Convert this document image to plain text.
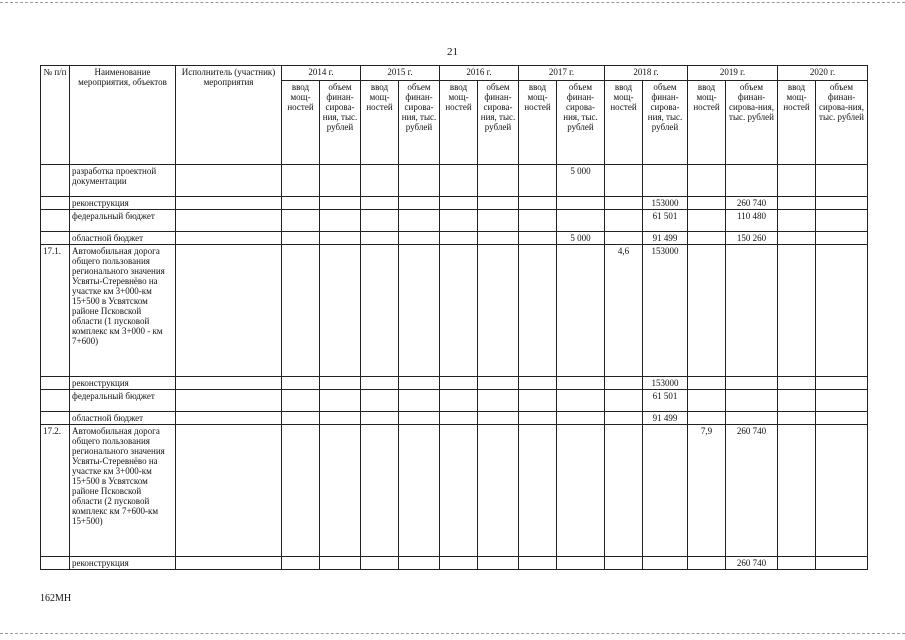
21
№ п/п	Наименование мероприятия, объектов	Исполнитель (участник) мероприятия	2014 г.		2015 г.		2016 г.		2017 г.		2018 г.		2019 г.		2020 г.	
			ввод мощ-ностей	объем финан-сирова-ния, тыс. рублей	ввод мощ-ностей	объем финан-сирова-ния, тыс. рублей	ввод мощ-ностей	объем финан-сирова-ния, тыс. рублей	ввод мощ-ностей	объем финан-сирова-ния, тыс. рублей	ввод мощ-ностей	объем финан-сирова-ния, тыс. рублей	ввод мощ-ностей	объем финан-сирова-ния, тыс. рублей	ввод мощ-ностей	объем финан-сирова-ния, тыс. рублей
	разработка проектной документации									5 000						
	реконструкция											153000		260 740		
	федеральный бюджет											61 501		110 480		
	областной бюджет									5 000		91 499		150 260		
17.1.	Автомобильная дорога общего пользования регионального значения Усвяты-Стеревнёво на участке км 3+000-км 15+500 в Усвятском районе Псковской области (1 пусковой комплекс км 3+000 - км 7+600)										4,6	153000				
	реконструкция											153000				
	федеральный бюджет											61 501				
	областной бюджет											91 499				
17.2.	Автомобильная дорога общего пользования регионального значения Усвяты-Стеревнёво на участке км 3+000-км 15+500 в Усвятском районе Псковской области (2 пусковой комплекс км 7+600-км 15+500)												7,9	260 740		
	реконструкция													260 740		
162МН
